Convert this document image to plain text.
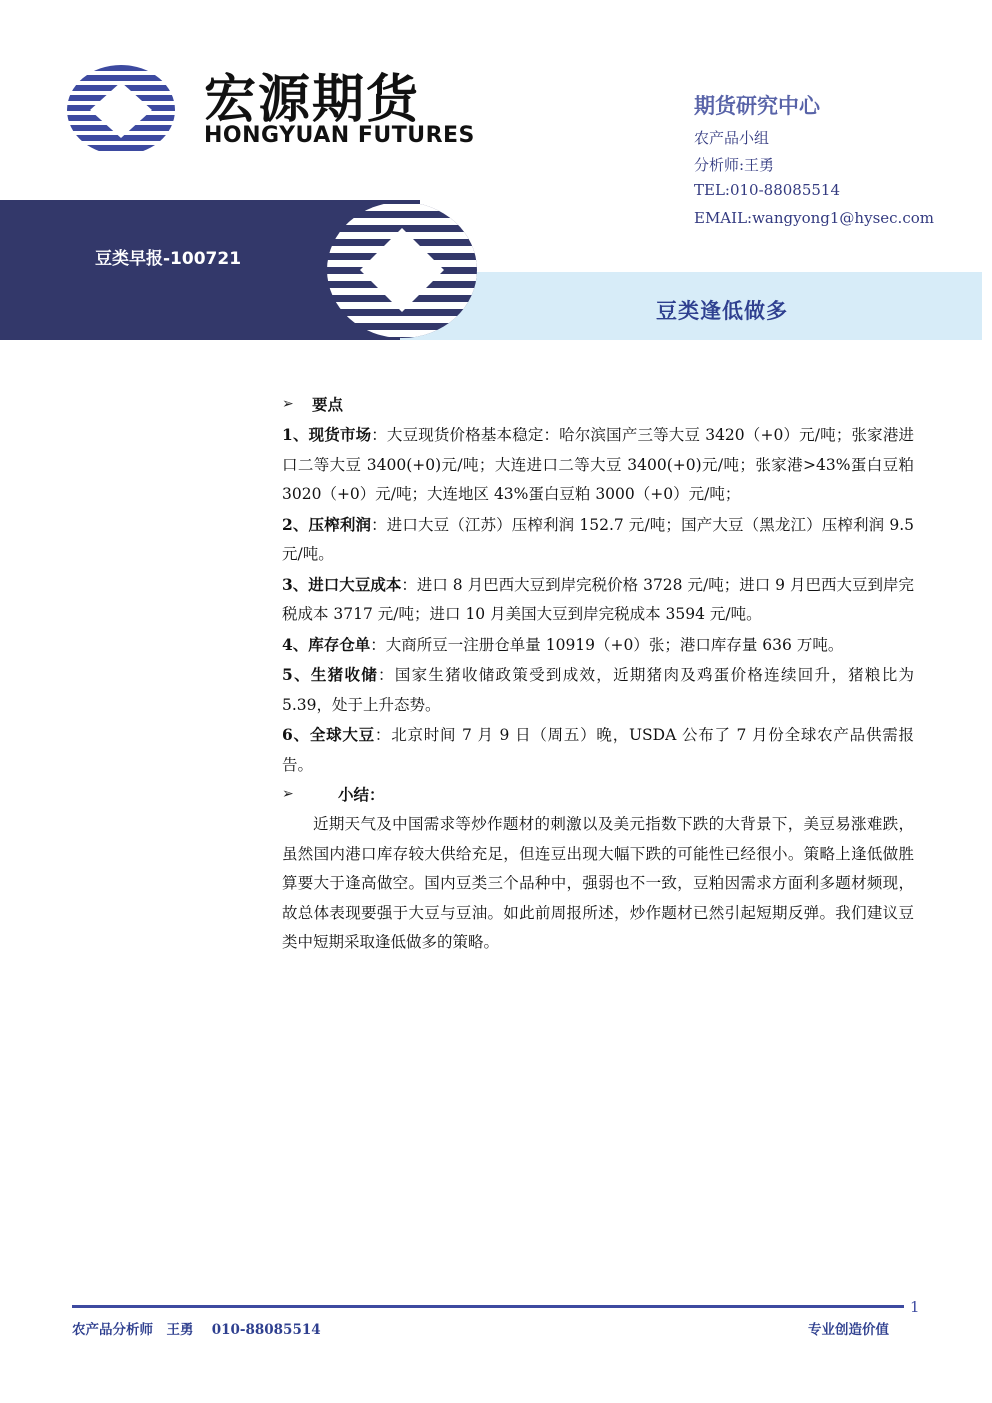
宏源期货
HONGYUAN FUTURES
期货研究中心
农产品小组
分析师:王勇
TEL:010-88085514
EMAIL:wangyong1@hysec.com
豆类早报-100721
豆类逢低做多
➢	要点

1、现货市场：大豆现货价格基本稳定：哈尔滨国产三等大豆 3420（+0）元/吨；张家港进口二等大豆 3400(+0)元/吨；大连进口二等大豆 3400(+0)元/吨；张家港>43%蛋白豆粕 3020（+0）元/吨；大连地区 43%蛋白豆粕 3000（+0）元/吨；

2、压榨利润：进口大豆（江苏）压榨利润 152.7 元/吨；国产大豆（黑龙江）压榨利润 9.5 元/吨。

3、进口大豆成本：进口 8 月巴西大豆到岸完税价格 3728 元/吨；进口 9 月巴西大豆到岸完税成本 3717 元/吨；进口 10 月美国大豆到岸完税成本 3594 元/吨。

4、库存仓单：大商所豆一注册仓单量 10919（+0）张；港口库存量 636 万吨。

5、生猪收储：国家生猪收储政策受到成效，近期猪肉及鸡蛋价格连续回升，猪粮比为 5.39，处于上升态势。

6、全球大豆：北京时间 7 月 9 日（周五）晚，USDA 公布了 7 月份全球农产品供需报告。

➢	小结：

近期天气及中国需求等炒作题材的刺激以及美元指数下跌的大背景下，美豆易涨难跌，虽然国内港口库存较大供给充足，但连豆出现大幅下跌的可能性已经很小。策略上逢低做胜算要大于逢高做空。国内豆类三个品种中，强弱也不一致，豆粕因需求方面利多题材频现，故总体表现要强于大豆与豆油。如此前周报所述，炒作题材已然引起短期反弹。我们建议豆类中短期采取逢低做多的策略。

1
农产品分析师　王勇　 010-88085514	专业创造价值
